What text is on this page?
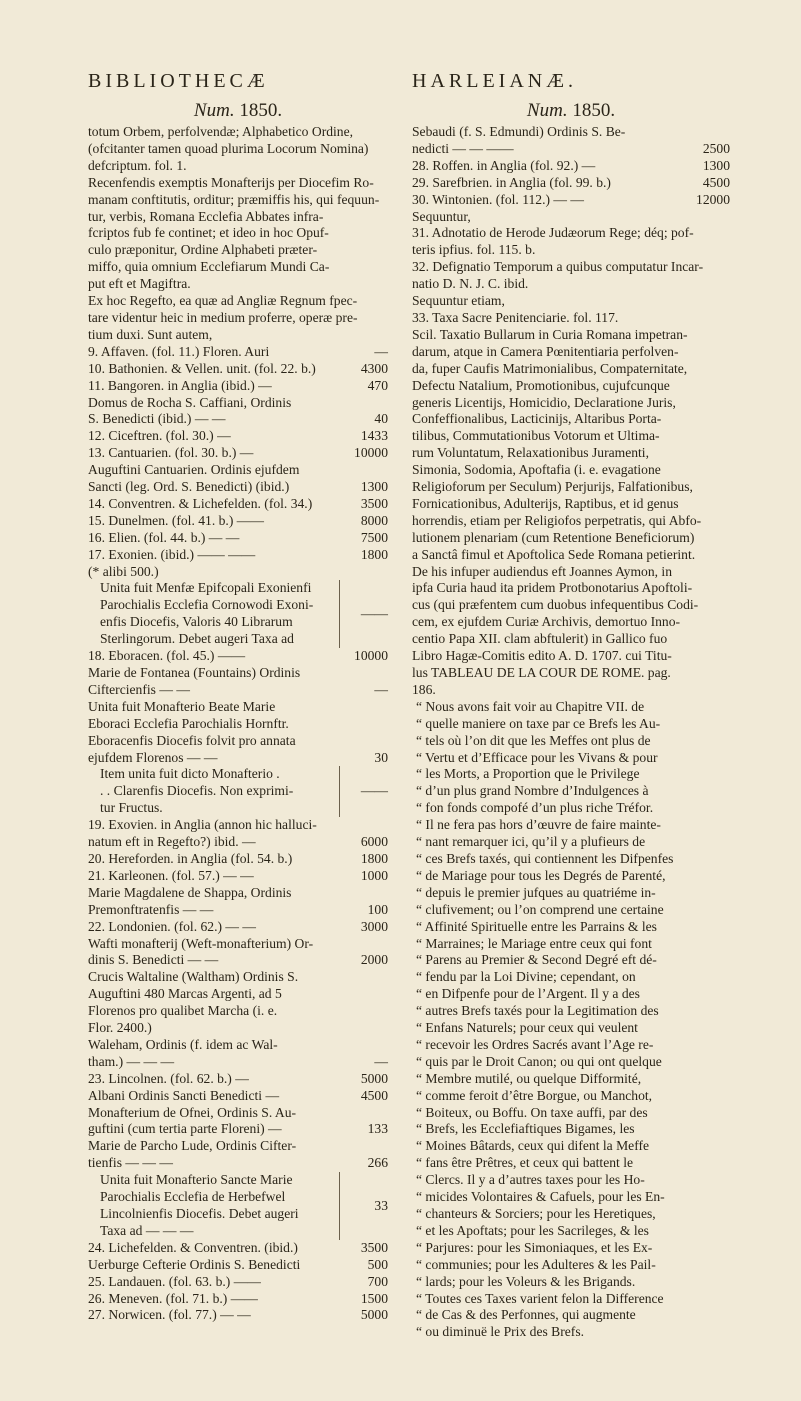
BIBLIOTHECÆ	HARLEIANÆ.
Num. 1850.
totum Orbem, perfolvendæ; Alphabetico Ordine,
(ofcitanter tamen quoad plurima Locorum Nomina)
defcriptum. fol. 1.
Recenfendis exemptis Monafterijs per Diocefim Ro-
manam conftitutis, orditur; præmiffis his, qui fequun-
tur, verbis, Romana Ecclefia Abbates infra-
fcriptos fub fe continet; et ideo in hoc Opuf-
culo præponitur, Ordine Alphabeti præter-
miffo, quia omnium Ecclefiarum Mundi Ca-
put eft et Magiftra.
Ex hoc Regefto, ea quæ ad Angliæ Regnum fpec-
tare videntur heic in medium proferre, operæ pre-
tium duxi. Sunt autem,
9. Affaven. (fol. 11.) Floren. Auri	—
10. Bathonien. & Vellen. unit. (fol. 22. b.)	4300
11. Bangoren. in Anglia (ibid.) —	470
Domus de Rocha S. Caffiani, Ordinis
S. Benedicti (ibid.) — —	40
12. Ciceftren. (fol. 30.) —	1433
13. Cantuarien. (fol. 30. b.) —	10000
Auguftini Cantuarien. Ordinis ejufdem
Sancti (leg. Ord. S. Benedicti) (ibid.)	1300
14. Conventren. & Lichefelden. (fol. 34.)	3500
15. Dunelmen. (fol. 41. b.) ——	8000
16. Elien. (fol. 44. b.) — —	7500
17. Exonien. (ibid.) —— ——	1800
(* alibi 500.)
Unita fuit Menfæ Epifcopali Exonienfi
Parochialis Ecclefia Cornowodi Exoni-
enfis Diocefis, Valoris 40 Librarum
Sterlingorum. Debet augeri Taxa ad
——
18. Eboracen. (fol. 45.) ——	10000
Marie de Fontanea (Fountains) Ordinis
Ciftercienfis — —	—
Unita fuit Monafterio Beate Marie
Eboraci Ecclefia Parochialis Hornftr.
Eboracenfis Diocefis folvit pro annata
ejufdem Florenos — —	30
Item unita fuit dicto Monafterio .
. . Clarenfis Diocefis. Non exprimi-
tur Fructus.
——
19. Exovien. in Anglia (annon hic halluci-
natum eft in Regefto?) ibid. —	6000
20. Hereforden. in Anglia (fol. 54. b.)	1800
21. Karleonen. (fol. 57.) — —	1000
Marie Magdalene de Shappa, Ordinis
Premonftratenfis — —	100
22. Londonien. (fol. 62.) — —	3000
Wafti monafterij (Weft-monafterium) Or-
dinis S. Benedicti — —	2000
Crucis Waltaline (Waltham) Ordinis S.
Auguftini 480 Marcas Argenti, ad 5
Florenos pro qualibet Marcha (i. e.
Flor. 2400.)
Waleham, Ordinis (f. idem ac Wal-
tham.) — — —	—
23. Lincolnen. (fol. 62. b.) —	5000
Albani Ordinis Sancti Benedicti —	4500
Monafterium de Ofnei, Ordinis S. Au-
guftini (cum tertia parte Floreni) —	133
Marie de Parcho Lude, Ordinis Cifter-
tienfis — — —	266
Unita fuit Monafterio Sancte Marie
Parochialis Ecclefia de Herbefwel
Lincolnienfis Diocefis. Debet augeri
Taxa ad — — —
33
24. Lichefelden. & Conventren. (ibid.)	3500
Uerburge Cefterie Ordinis S. Benedicti	500
25. Landauen. (fol. 63. b.) ——	700
26. Meneven. (fol. 71. b.) ——	1500
27. Norwicen. (fol. 77.) — —	5000
Num. 1850.
Sebaudi (f. S. Edmundi) Ordinis S. Be-
nedicti — — ——	2500
28. Roffen. in Anglia (fol. 92.) —	1300
29. Sarefbrien. in Anglia (fol. 99. b.)	4500
30. Wintonien. (fol. 112.) — —	12000
Sequuntur,
31. Adnotatio de Herode Judæorum Rege; déq; pof-
teris ipfius. fol. 115. b.
32. Defignatio Temporum a quibus computatur Incar-
natio D. N. J. C. ibid.
Sequuntur etiam,
33. Taxa Sacre Penitenciarie. fol. 117.
Scil. Taxatio Bullarum in Curia Romana impetran-
darum, atque in Camera Pœnitentiaria perfolven-
da, fuper Caufis Matrimonialibus, Compaternitate,
Defectu Natalium, Promotionibus, cujufcunque
generis Licentijs, Homicidio, Declaratione Juris,
Confeffionalibus, Lacticinijs, Altaribus Porta-
tilibus, Commutationibus Votorum et Ultima-
rum Voluntatum, Relaxationibus Juramenti,
Simonia, Sodomia, Apoftafia (i. e. evagatione
Religioforum per Seculum) Perjurijs, Falfationibus,
Fornicationibus, Adulterijs, Raptibus, et id genus
horrendis, etiam per Religiofos perpetratis, qui Abfo-
lutionem plenariam (cum Retentione Beneficiorum)
a Sanctâ fimul et Apoftolica Sede Romana petierint.
De his infuper audiendus eft Joannes Aymon, in
ipfa Curia haud ita pridem Protbonotarius Apoftoli-
cus (qui præfentem cum duobus infequentibus Codi-
cem, ex ejufdem Curiæ Archivis, demortuo Inno-
centio Papa XII. clam abftulerit) in Gallico fuo
Libro Hagæ-Comitis edito A. D. 1707. cui Titu-
lus TABLEAU DE LA COUR DE ROME. pag.
186.
“ Nous avons fait voir au Chapitre VII. de
“ quelle maniere on taxe par ce Brefs les Au-
“ tels où l’on dit que les Meffes ont plus de
“ Vertu et d’Efficace pour les Vivans & pour
“ les Morts, a Proportion que le Privilege
“ d’un plus grand Nombre d’Indulgences à
“ fon fonds compofé d’un plus riche Tréfor.
“ Il ne fera pas hors d’œuvre de faire mainte-
“ nant remarquer ici, qu’il y a plufieurs de
“ ces Brefs taxés, qui contiennent les Difpenfes
“ de Mariage pour tous les Degrés de Parenté,
“ depuis le premier jufques au quatriéme in-
“ clufivement; ou l’on comprend une certaine
“ Affinité Spirituelle entre les Parrains & les
“ Marraines; le Mariage entre ceux qui font
“ Parens au Premier & Second Degré eft dé-
“ fendu par la Loi Divine; cependant, on
“ en Difpenfe pour de l’Argent. Il y a des
“ autres Brefs taxés pour la Legitimation des
“ Enfans Naturels; pour ceux qui veulent
“ recevoir les Ordres Sacrés avant l’Age re-
“ quis par le Droit Canon; ou qui ont quelque
“ Membre mutilé, ou quelque Difformité,
“ comme feroit d’être Borgue, ou Manchot,
“ Boiteux, ou Boffu. On taxe auffi, par des
“ Brefs, les Ecclefiaftiques Bigames, les
“ Moines Bâtards, ceux qui difent la Meffe
“ fans être Prêtres, et ceux qui battent le
“ Clercs. Il y a d’autres taxes pour les Ho-
“ micides Volontaires & Cafuels, pour les En-
“ chanteurs & Sorciers; pour les Heretiques,
“ et les Apoftats; pour les Sacrileges, & les
“ Parjures: pour les Simoniaques, et les Ex-
“ communies; pour les Adulteres & les Pail-
“ lards; pour les Voleurs & les Brigands.
“ Toutes ces Taxes varient felon la Difference
“ de Cas & des Perfonnes, qui augmente
“ ou diminuë le Prix des Brefs.
